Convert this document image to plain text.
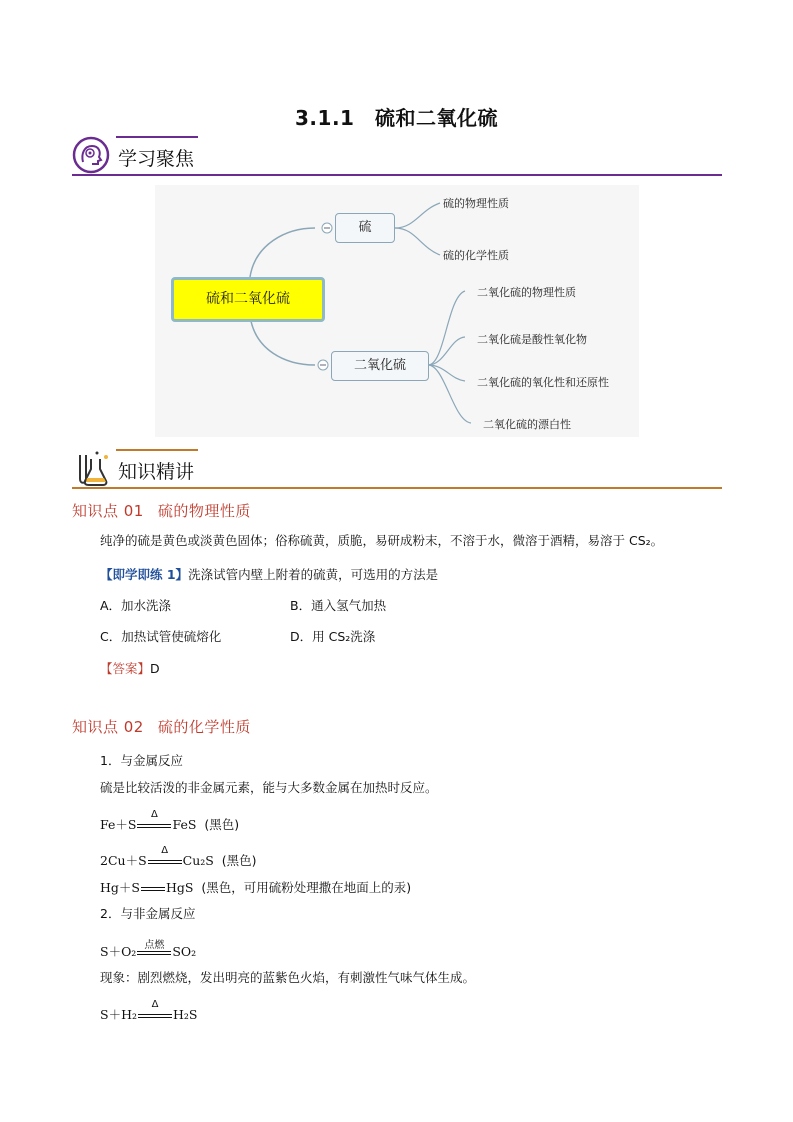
3.1.1　硫和二氧化硫
学习聚焦
硫和二氧化硫
硫
二氧化硫
硫的物理性质
硫的化学性质
二氧化硫的物理性质
二氧化硫是酸性氧化物
二氧化硫的氧化性和还原性
二氧化硫的漂白性
知识精讲
知识点 01 硫的物理性质
纯净的硫是黄色或淡黄色固体；俗称硫黄，质脆，易研成粉末，不溶于水，微溶于酒精，易溶于 CS₂。
【即学即练 1】洗涤试管内壁上附着的硫黄，可选用的方法是
A．加水洗涤	B．通入氢气加热
C．加热试管使硫熔化	D．用 CS₂洗涤
【答案】D
知识点 02 硫的化学性质
1．与金属反应
硫是比较活泼的非金属元素，能与大多数金属在加热时反应。
Fe＋S
Δ
FeS (黑色)
2Cu＋S
Δ
Cu₂S (黑色)
Hg＋S HgS (黑色，可用硫粉处理撒在地面上的汞)
2．与非金属反应
S＋O₂ 点燃 SO₂
现象：剧烈燃烧，发出明亮的蓝紫色火焰，有刺激性气味气体生成。
S＋H₂
Δ
H₂S
